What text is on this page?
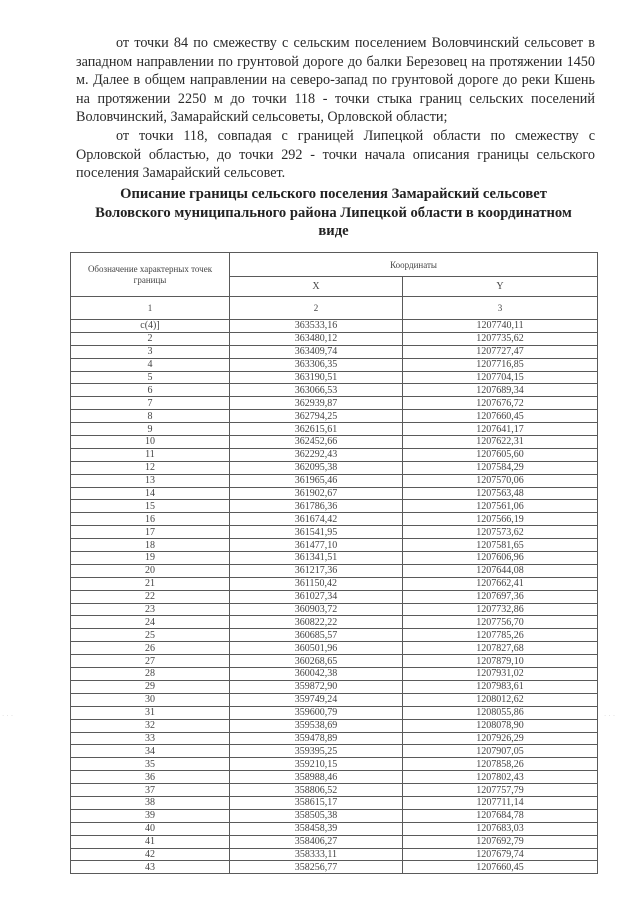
от точки 84 по смежеству с сельским поселением Воловчинский сельсовет в западном направлении по грунтовой дороге до балки Березовец на протяжении 1450 м. Далее в общем направлении на северо-запад по грунтовой дороге до реки Кшень на протяжении 2250 м до точки 118 - точки стыка границ сельских поселений Воловчинский, Замарайский сельсоветы, Орловской области;
от точки 118, совпадая с границей Липецкой области по смежеству с Орловской областью, до точки 292 - точки начала описания границы сельского поселения Замарайский сельсовет.
Описание границы сельского поселения Замарайский сельсовет
Воловского муниципального района Липецкой области в координатном
виде
Обозначение характерных точек границы	Координаты	
	X	Y
1	2	3
c(4)]	363533,16	1207740,11
2	363480,12	1207735,62
3	363409,74	1207727,47
4	363306,35	1207716,85
5	363190,51	1207704,15
6	363066,53	1207689,34
7	362939,87	1207676,72
8	362794,25	1207660,45
9	362615,61	1207641,17
10	362452,66	1207622,31
11	362292,43	1207605,60
12	362095,38	1207584,29
13	361965,46	1207570,06
14	361902,67	1207563,48
15	361786,36	1207561,06
16	361674,42	1207566,19
17	361541,95	1207573,62
18	361477,10	1207581,65
19	361341,51	1207606,96
20	361217,36	1207644,08
21	361150,42	1207662,41
22	361027,34	1207697,36
23	360903,72	1207732,86
24	360822,22	1207756,70
25	360685,57	1207785,26
26	360501,96	1207827,68
27	360268,65	1207879,10
28	360042,38	1207931,02
29	359872,90	1207983,61
30	359749,24	1208012,62
31	359600,79	1208055,86
32	359538,69	1208078,90
33	359478,89	1207926,29
34	359395,25	1207907,05
35	359210,15	1207858,26
36	358988,46	1207802,43
37	358806,52	1207757,79
38	358615,17	1207711,14
39	358505,38	1207684,78
40	358458,39	1207683,03
41	358406,27	1207692,79
42	358333,11	1207679,74
43	358256,77	1207660,45
· · ·	· · ·
